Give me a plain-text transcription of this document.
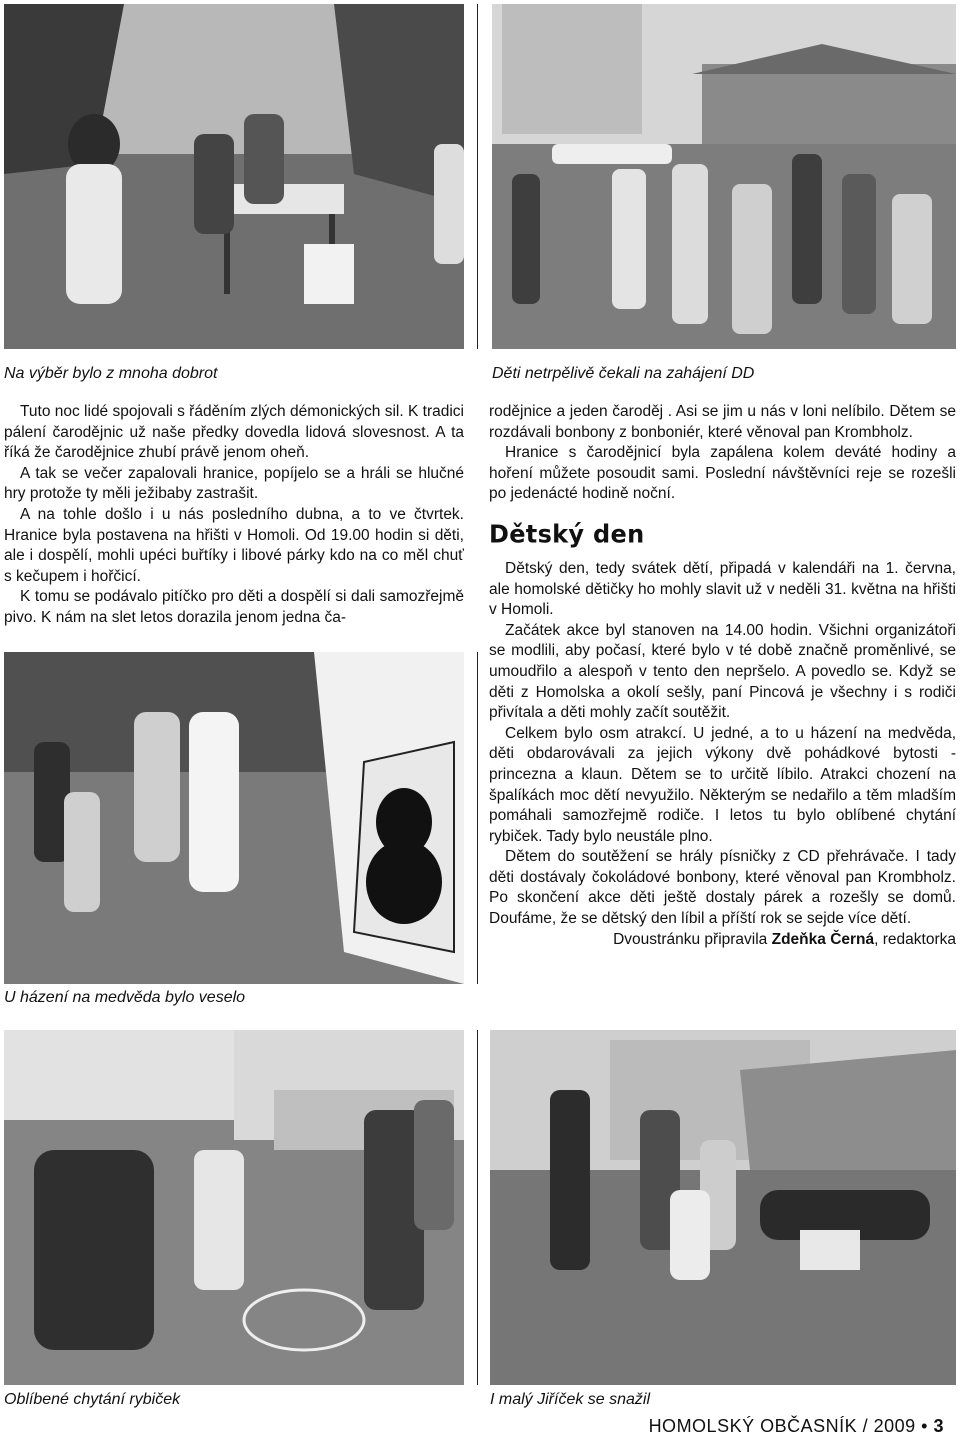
Na výběr bylo z mnoha dobrot	Děti netrpělivě čekali na zahájení DD
U házení na medvěda bylo veselo
Oblíbené chytání rybiček	I malý Jiříček se snažil

Tuto noc lidé spojovali s řáděním zlých démonických sil. K tradici pálení čarodějnic už naše předky dovedla lidová slovesnost. A ta říká že čarodějnice zhubí právě jenom oheň.

A tak se večer zapalovali hranice, popíjelo se a hráli se hlučné hry protože ty měli ježibaby zastrašit.

A na tohle došlo i u nás posledního dubna, a to ve čtvrtek. Hranice byla postavena na hřišti v Homoli. Od 19.00 hodin si děti, ale i dospělí, mohli upéci buřtíky i libové párky kdo na co měl chuť s kečupem i hořčicí.

K tomu se podávalo pitíčko pro děti a dospělí si dali samozřejmě pivo. K nám na slet letos dorazila jenom jedna ča-

rodějnice a jeden čaroděj . Asi se jim u nás v loni nelíbilo. Dětem se rozdávali bonbony z bonboniér, které věnoval pan Krombholz.

Hranice s čarodějnicí byla zapálena kolem deváté hodiny a hoření můžete posoudit sami. Poslední návštěvníci reje se rozešli po jedenácté hodině noční.

Dětský den

Dětský den, tedy svátek dětí, připadá v kalendáři na 1. června, ale homolské dětičky ho mohly slavit už v neděli 31. května na hřišti v Homoli.

Začátek akce byl stanoven na 14.00 hodin. Všichni organizátoři se modlili, aby počasí, které bylo v té době značně proměnlivé, se umoudřilo a alespoň v tento den nepršelo. A povedlo se. Když se děti z Homolska a okolí sešly, paní Pincová je všechny i s rodiči přivítala a děti mohly začít soutěžit.

Celkem bylo osm atrakcí. U jedné, a to u házení na medvěda, děti obdarovávali za jejich výkony dvě pohádkové bytosti - princezna a klaun. Dětem se to určitě líbilo. Atrakci chození na špalíkách moc dětí nevyužilo. Některým se nedařilo a těm mladším pomáhali samozřejmě rodiče. I letos tu bylo oblíbené chytání rybiček. Tady bylo neustále plno.

Dětem do soutěžení se hrály písničky z CD přehrávače. I tady děti dostávaly čokoládové bonbony, které věnoval pan Krombholz. Po skončení akce děti ještě dostaly párek a rozešly se domů. Doufáme, že se dětský den líbil a příští rok se sejde více dětí.

Dvoustránku připravila Zdeňka Černá, redaktorka

HOMOLSKÝ OBČASNÍK / 2009 • 3
